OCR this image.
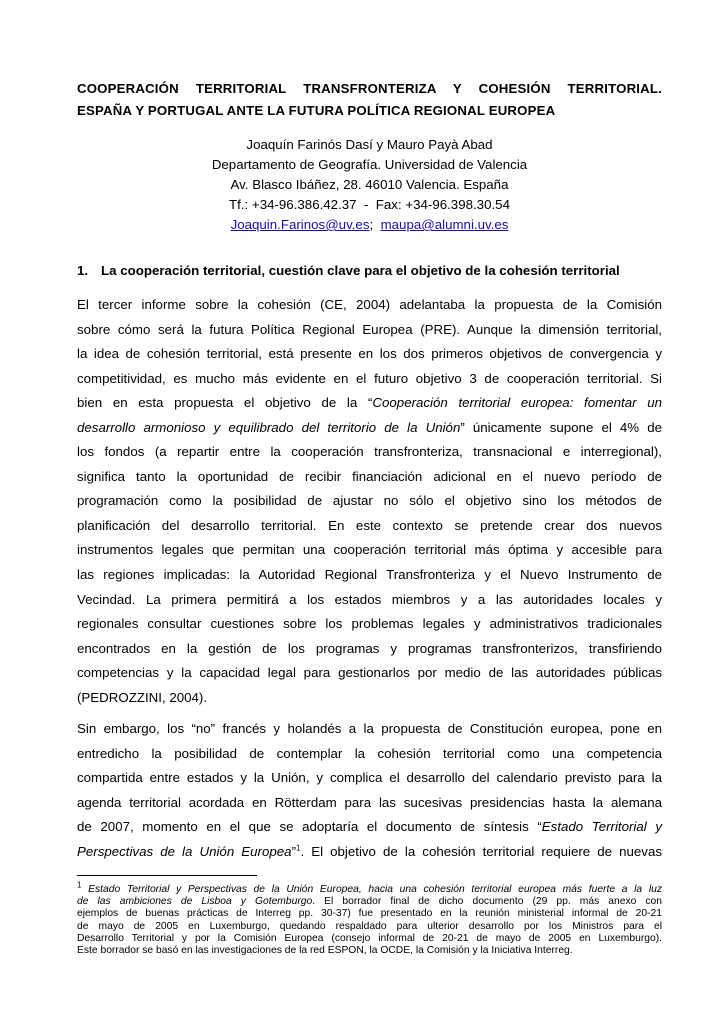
COOPERACIÓN TERRITORIAL TRANSFRONTERIZA Y COHESIÓN TERRITORIAL.
ESPAÑA Y PORTUGAL ANTE LA FUTURA POLÍTICA REGIONAL EUROPEA
Joaquín Farinós Dasí y Mauro Payà Abad
Departamento de Geografía. Universidad de Valencia
Av. Blasco Ibáñez, 28. 46010 Valencia. España
Tf.: +34-96.386.42.37  -  Fax: +34-96.398.30.54
Joaquin.Farinos@uv.es;  maupa@alumni.uv.es
1. La cooperación territorial, cuestión clave para el objetivo de la cohesión territorial

El tercer informe sobre la cohesión (CE, 2004) adelantaba la propuesta de la Comisión
sobre cómo será la futura Política Regional Europea (PRE). Aunque la dimensión territorial,
la idea de cohesión territorial, está presente en los dos primeros objetivos de convergencia y
competitividad, es mucho más evidente en el futuro objetivo 3 de cooperación territorial. Si
bien en esta propuesta el objetivo de la “Cooperación territorial europea: fomentar un
desarrollo armonioso y equilibrado del territorio de la Unión” únicamente supone el 4% de
los fondos (a repartir entre la cooperación transfronteriza, transnacional e interregional),
significa tanto la oportunidad de recibir financiación adicional en el nuevo período de
programación como la posibilidad de ajustar no sólo el objetivo sino los métodos de
planificación del desarrollo territorial. En este contexto se pretende crear dos nuevos
instrumentos legales que permitan una cooperación territorial más óptima y accesible para
las regiones implicadas: la Autoridad Regional Transfronteriza y el Nuevo Instrumento de
Vecindad. La primera permitirá a los estados miembros y a las autoridades locales y
regionales consultar cuestiones sobre los problemas legales y administrativos tradicionales
encontrados en la gestión de los programas y programas transfronterizos, transfiriendo
competencias y la capacidad legal para gestionarlos por medio de las autoridades públicas
(PEDROZZINI, 2004).

Sin embargo, los “no” francés y holandés a la propuesta de Constitución europea, pone en
entredicho la posibilidad de contemplar la cohesión territorial como una competencia
compartida entre estados y la Unión, y complica el desarrollo del calendario previsto para la
agenda territorial acordada en Rötterdam para las sucesivas presidencias hasta la alemana
de 2007, momento en el que se adoptaría el documento de síntesis “Estado Territorial y
Perspectivas de la Unión Europea”$^1$. El objetivo de la cohesión territorial requiere de nuevas

$^1$ Estado Territorial y Perspectivas de la Unión Europea, hacia una cohesión territorial europea más fuerte a la luz
de las ambiciones de Lisboa y Gotemburgo. El borrador final de dicho documento (29 pp. más anexo con
ejemplos de buenas prácticas de Interreg pp. 30-37) fue presentado en la reunión ministerial informal de 20-21
de mayo de 2005 en Luxemburgo, quedando respaldado para ulterior desarrollo por los Ministros para el
Desarrollo Territorial y por la Comisión Europea (consejo informal de 20-21 de mayo de 2005 en Luxemburgo).
Este borrador se basó en las investigaciones de la red ESPON, la OCDE, la Comisión y la Iniciativa Interreg.
